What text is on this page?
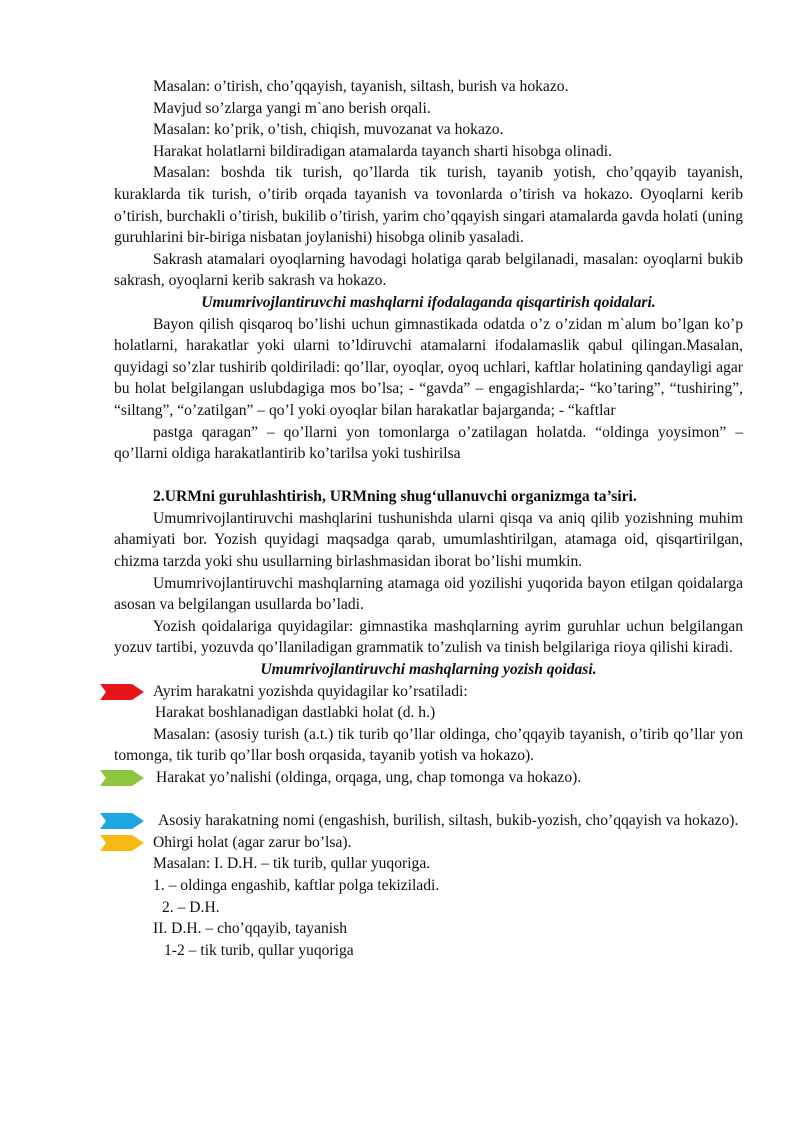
Masalan: o’tirish, cho’qqayish, tayanish, siltash, burish va hokazo.

Mavjud so’zlarga yangi m`ano berish orqali.

Masalan: ko’prik, o’tish, chiqish, muvozanat va hokazo.

Harakat holatlarni bildiradigan atamalarda tayanch sharti hisobga olinadi.

Masalan: boshda tik turish, qo’llarda tik turish, tayanib yotish, cho’qqayib tayanish, kuraklarda tik turish, o’tirib orqada tayanish va tovonlarda o’tirish va hokazo. Oyoqlarni kerib o’tirish, burchakli o’tirish, bukilib o’tirish, yarim cho’qqayish singari atamalarda gavda holati (uning guruhlarini bir-biriga nisbatan joylanishi) hisobga olinib yasaladi.

Sakrash atamalari oyoqlarning havodagi holatiga qarab belgilanadi, masalan: oyoqlarni bukib sakrash, oyoqlarni kerib sakrash va hokazo.

Umumrivojlantiruvchi mashqlarni ifodalaganda qisqartirish qoidalari.

Bayon qilish qisqaroq bo’lishi uchun gimnastikada odatda o’z o’zidan m`alum bo’lgan ko’p holatlarni, harakatlar yoki ularni to’ldiruvchi atamalarni ifodalamaslik qabul qilingan.Masalan, quyidagi so’zlar tushirib qoldiriladi: qo’llar, oyoqlar, oyoq uchlari, kaftlar holatining qandayligi agar bu holat belgilangan uslubdagiga mos bo’lsa; - “gavda” – engagishlarda;- “ko’taring”, “tushiring”, “siltang”, “o’zatilgan” – qo’l yoki oyoqlar bilan harakatlar bajarganda; - “kaftlar

pastga qaragan” – qo’llarni yon tomonlarga o’zatilagan holatda. “oldinga yoysimon” – qo’llarni oldiga harakatlantirib ko’tarilsa yoki tushirilsa

2.URMni guruhlashtirish, URMning shug‘ullanuvchi organizmga ta’siri.

Umumrivojlantiruvchi mashqlarini tushunishda ularni qisqa va aniq qilib yozishning muhim ahamiyati bor. Yozish quyidagi maqsadga qarab, umumlashtirilgan, atamaga oid, qisqartirilgan, chizma tarzda yoki shu usullarning birlashmasidan iborat bo’lishi mumkin.

Umumrivojlantiruvchi mashqlarning atamaga oid yozilishi yuqorida bayon etilgan qoidalarga asosan va belgilangan usullarda bo’ladi.

Yozish qoidalariga quyidagilar: gimnastika mashqlarning ayrim guruhlar uchun belgilangan yozuv tartibi, yozuvda qo’llaniladigan grammatik to’zulish va tinish belgilariga rioya qilishi kiradi.

Umumrivojlantiruvchi mashqlarning yozish qoidasi.

Ayrim harakatni yozishda quyidagilar ko’rsatiladi:

Harakat boshlanadigan dastlabki holat (d. h.)

Masalan: (asosiy turish (a.t.) tik turib qo’llar oldinga, cho’qqayib tayanish, o’tirib qo’llar yon tomonga, tik turib qo’llar bosh orqasida, tayanib yotish va hokazo).

Harakat yo’nalishi (oldinga, orqaga, ung, chap tomonga va hokazo).

Asosiy harakatning nomi (engashish, burilish, siltash, bukib-yozish, cho’qqayish va hokazo).

Ohirgi holat (agar zarur bo’lsa).

Masalan: I. D.H. – tik turib, qullar yuqoriga.

1. – oldinga engashib, kaftlar polga tekiziladi.

2. – D.H.

II. D.H. – cho’qqayib, tayanish

1-2 – tik turib, qullar yuqoriga
